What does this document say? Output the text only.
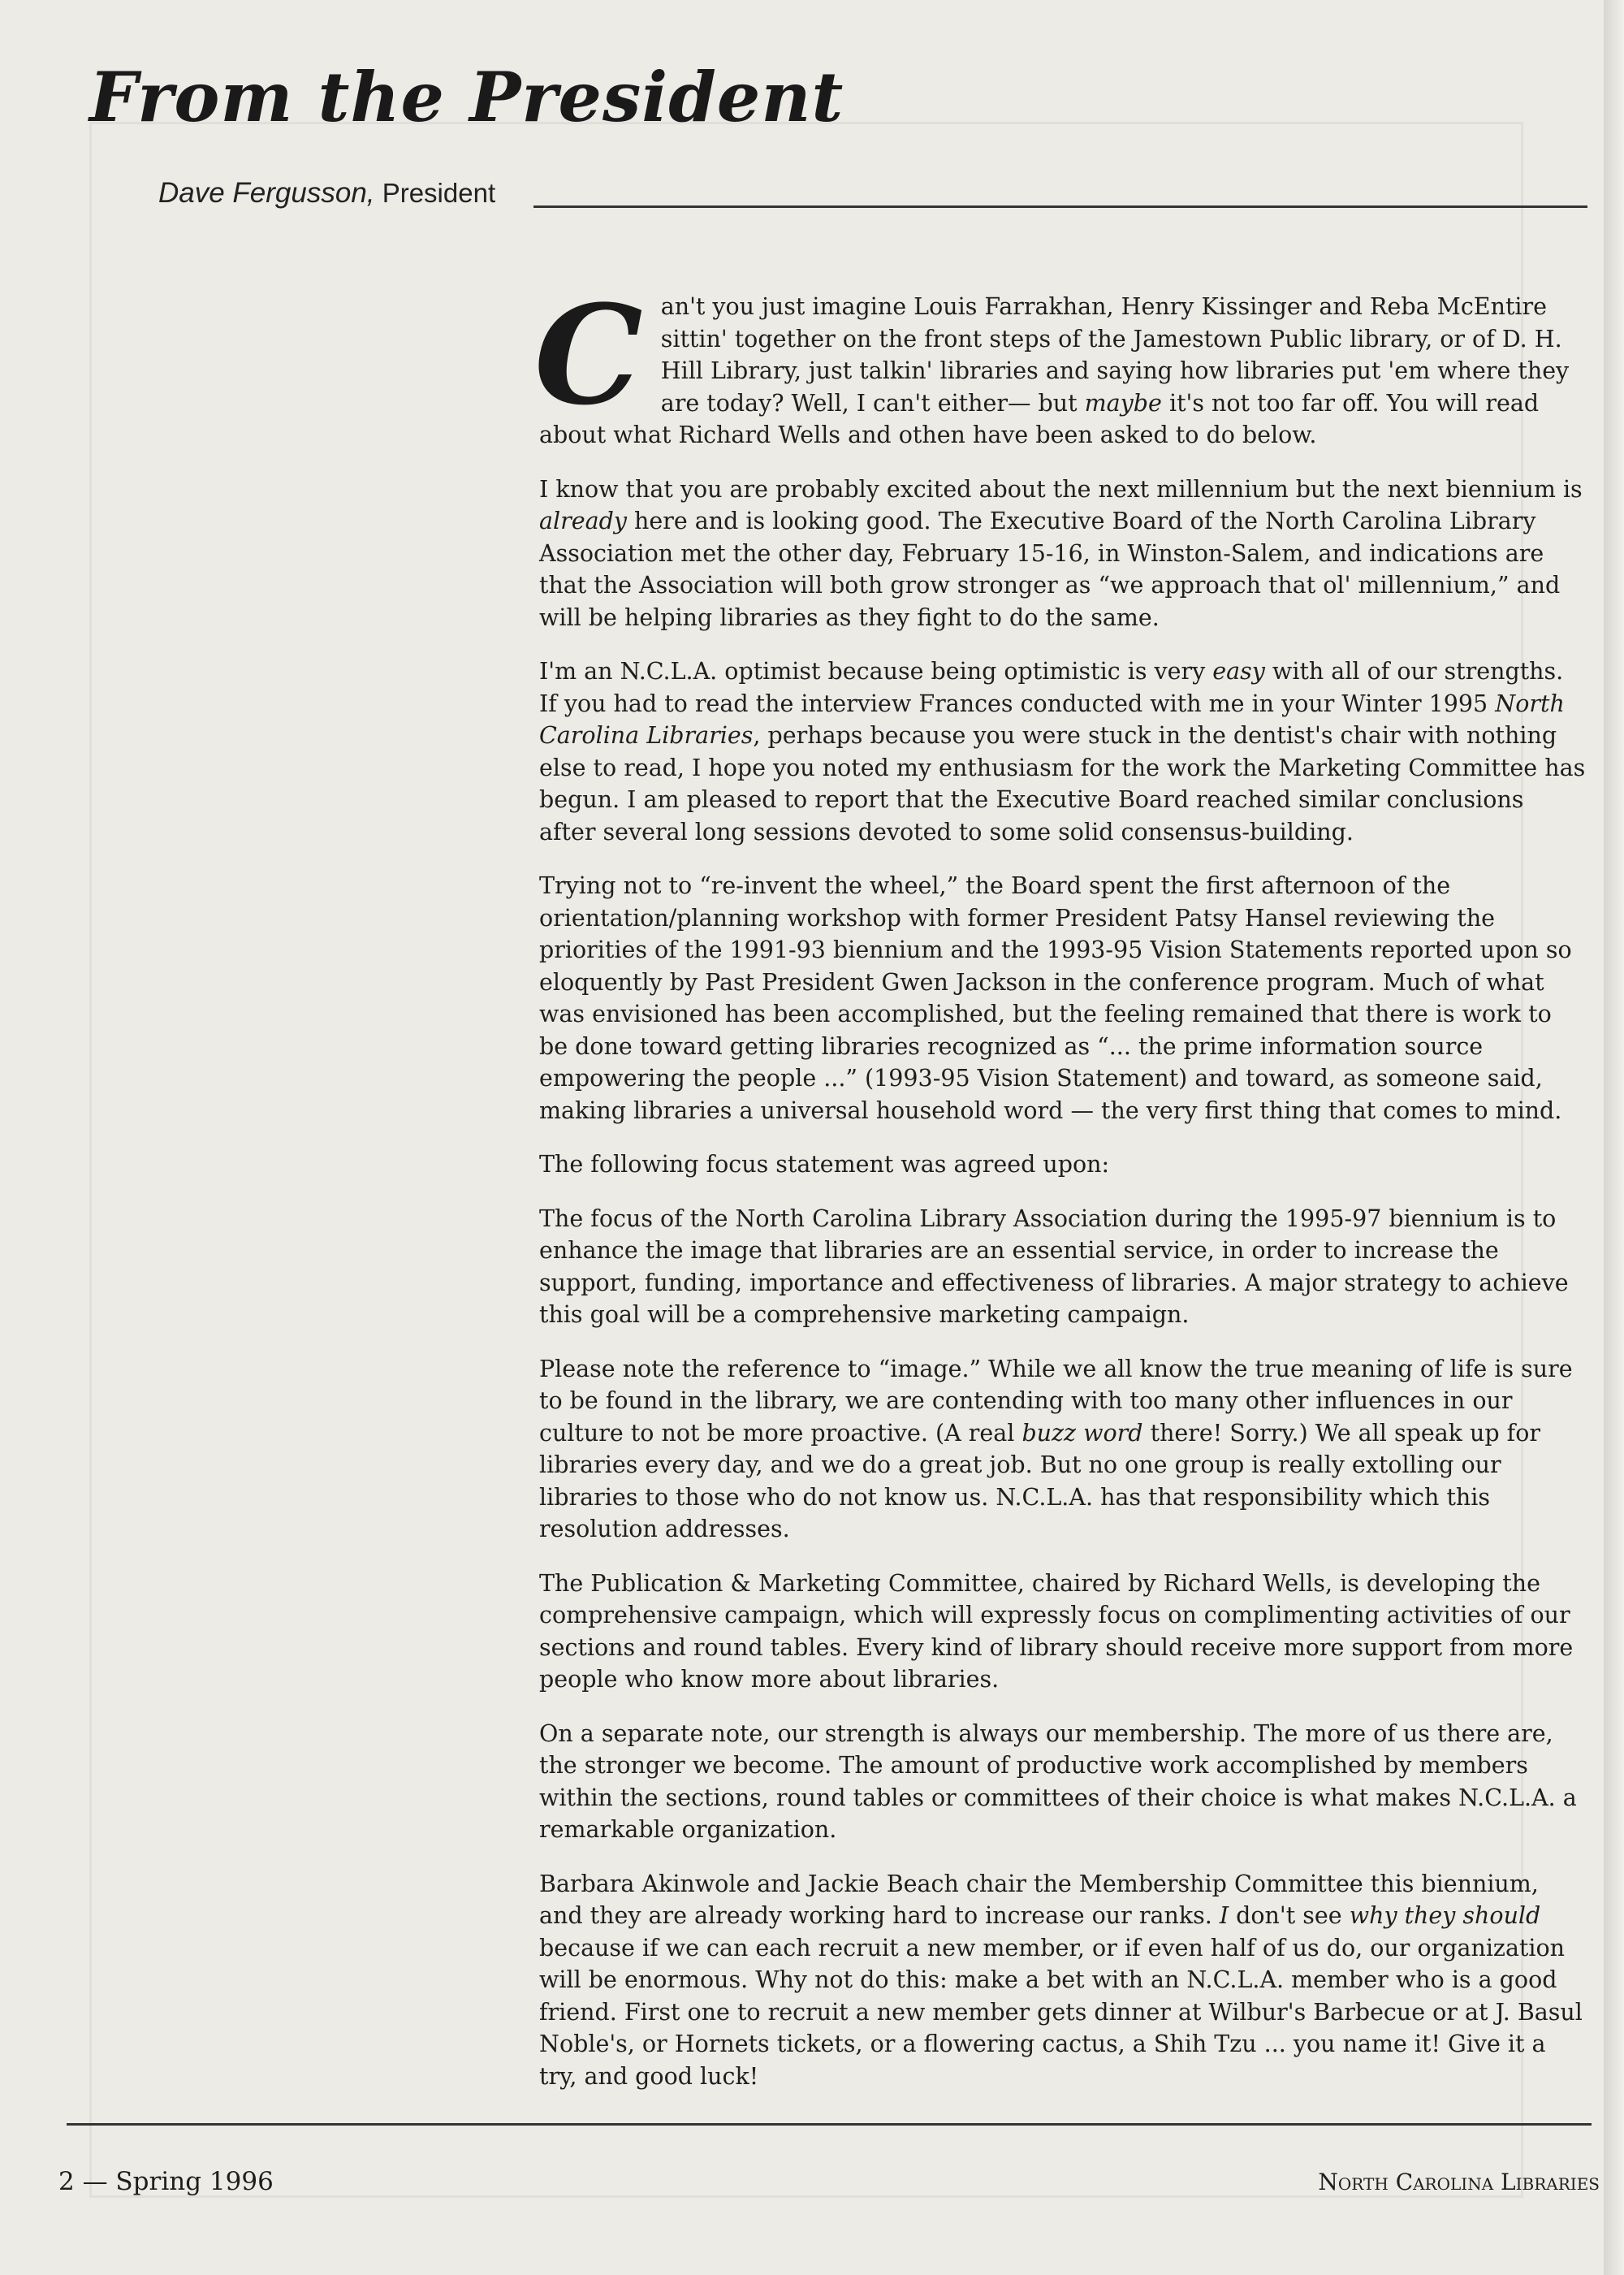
From the President
Dave Fergusson, President

Can't you just imagine Louis Farrakhan, Henry Kissinger and Reba McEntire sittin' together on the front steps of the Jamestown Public library, or of D. H. Hill Library, just talkin' libraries and saying how libraries put 'em where they are today? Well, I can't either— but maybe it's not too far off. You will read about what Richard Wells and othen have been asked to do below.

I know that you are probably excited about the next millennium but the next biennium is already here and is looking good. The Executive Board of the North Carolina Library Association met the other day, February 15-16, in Winston-Salem, and indications are that the Association will both grow stronger as “we approach that ol' millennium,” and will be helping libraries as they fight to do the same.

I'm an N.C.L.A. optimist because being optimistic is very easy with all of our strengths. If you had to read the interview Frances conducted with me in your Winter 1995 North Carolina Libraries, perhaps because you were stuck in the dentist's chair with nothing else to read, I hope you noted my enthusiasm for the work the Marketing Committee has begun. I am pleased to report that the Executive Board reached similar conclusions after several long sessions devoted to some solid consensus-building.

Trying not to “re-invent the wheel,” the Board spent the first afternoon of the orientation/planning workshop with former President Patsy Hansel reviewing the priorities of the 1991-93 biennium and the 1993-95 Vision Statements reported upon so eloquently by Past President Gwen Jackson in the conference program. Much of what was envisioned has been accomplished, but the feeling remained that there is work to be done toward getting libraries recognized as “... the prime information source empowering the people ...” (1993-95 Vision Statement) and toward, as someone said, making libraries a universal household word — the very first thing that comes to mind.

The following focus statement was agreed upon:

The focus of the North Carolina Library Association during the 1995-97 biennium is to enhance the image that libraries are an essential service, in order to increase the support, funding, importance and effectiveness of libraries. A major strategy to achieve this goal will be a comprehensive marketing campaign.

Please note the reference to “image.” While we all know the true meaning of life is sure to be found in the library, we are contending with too many other influences in our culture to not be more proactive. (A real buzz word there! Sorry.) We all speak up for libraries every day, and we do a great job. But no one group is really extolling our libraries to those who do not know us. N.C.L.A. has that responsibility which this resolution addresses.

The Publication & Marketing Committee, chaired by Richard Wells, is developing the comprehensive campaign, which will expressly focus on complimenting activities of our sections and round tables. Every kind of library should receive more support from more people who know more about libraries.

On a separate note, our strength is always our membership. The more of us there are, the stronger we become. The amount of productive work accomplished by members within the sections, round tables or committees of their choice is what makes N.C.L.A. a remarkable organization.

Barbara Akinwole and Jackie Beach chair the Membership Committee this biennium, and they are already working hard to increase our ranks. I don't see why they should because if we can each recruit a new member, or if even half of us do, our organization will be enormous. Why not do this: make a bet with an N.C.L.A. member who is a good friend. First one to recruit a new member gets dinner at Wilbur's Barbecue or at J. Basul Noble's, or Hornets tickets, or a flowering cactus, a Shih Tzu ... you name it! Give it a try, and good luck!

2 — Spring 1996	North Carolina Libraries
